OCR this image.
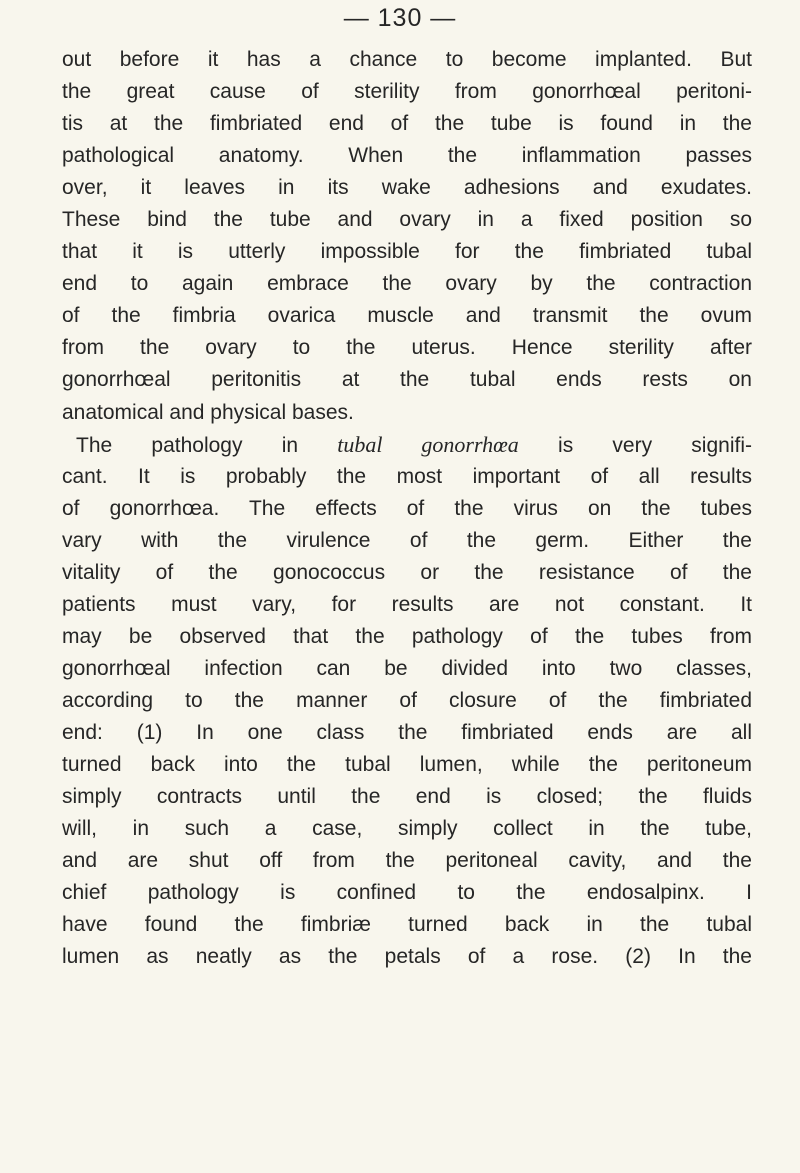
— 130 —
out before it has a chance to become implanted. But
the great cause of sterility from gonorrhœal peritoni-
tis at the fimbriated end of the tube is found in the
pathological anatomy. When the inflammation passes
over, it leaves in its wake adhesions and exudates.
These bind the tube and ovary in a fixed position so
that it is utterly impossible for the fimbriated tubal
end to again embrace the ovary by the contraction
of the fimbria ovarica muscle and transmit the ovum
from the ovary to the uterus. Hence sterility after
gonorrhœal peritonitis at the tubal ends rests on
anatomical and physical bases.
The pathology in tubal gonorrhœa is very signifi-
cant. It is probably the most important of all results
of gonorrhœa. The effects of the virus on the tubes
vary with the virulence of the germ. Either the
vitality of the gonococcus or the resistance of the
patients must vary, for results are not constant. It
may be observed that the pathology of the tubes from
gonorrhœal infection can be divided into two classes,
according to the manner of closure of the fimbriated
end: (1) In one class the fimbriated ends are all
turned back into the tubal lumen, while the peritoneum
simply contracts until the end is closed; the fluids
will, in such a case, simply collect in the tube,
and are shut off from the peritoneal cavity, and the
chief pathology is confined to the endosalpinx. I
have found the fimbriæ turned back in the tubal
lumen as neatly as the petals of a rose. (2) In the
